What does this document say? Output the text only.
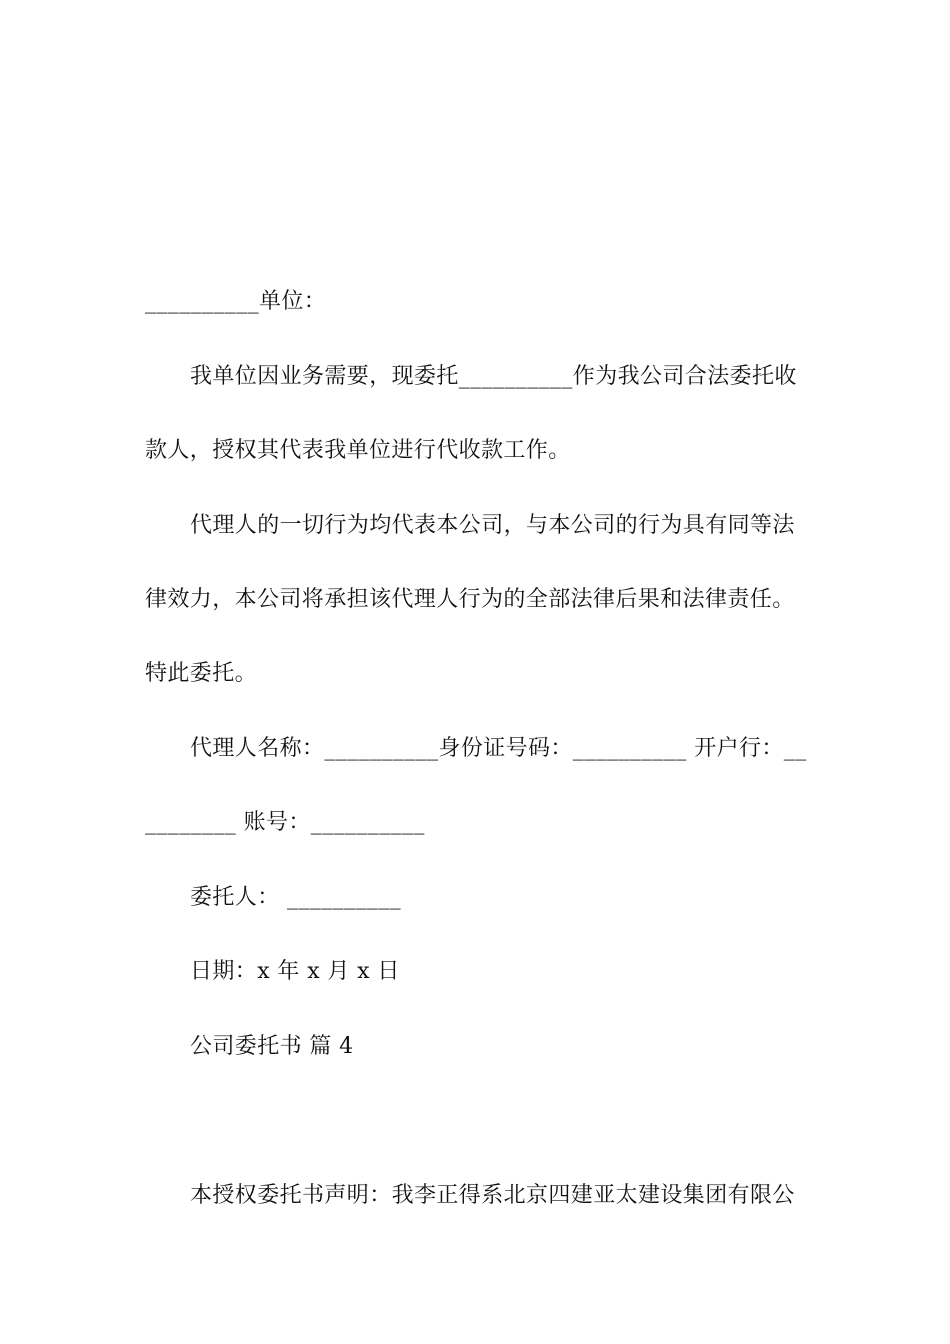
__________单位：
我单位因业务需要，现委托__________作为我公司合法委托收
款人，授权其代表我单位进行代收款工作。
代理人的一切行为均代表本公司，与本公司的行为具有同等法
律效力，本公司将承担该代理人行为的全部法律后果和法律责任。
特此委托。
代理人名称：__________身份证号码：__________ 开户行：__
________ 账号：__________
委托人： __________
日期：x 年 x 月 x 日
公司委托书 篇 4
本授权委托书声明：我李正得系北京四建亚太建设集团有限公
